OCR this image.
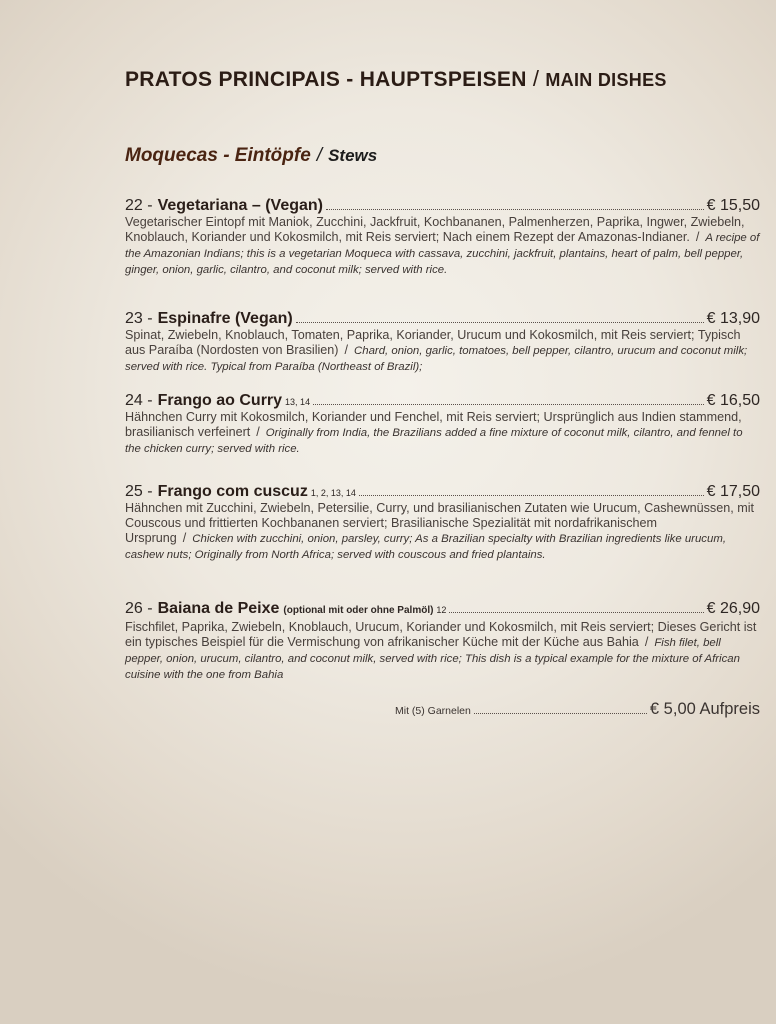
PRATOS PRINCIPAIS - HAUPTSPEISEN / MAIN DISHES
Moquecas - Eintöpfe / Stews
22 - Vegetariana – (Vegan)	€ 15,50
Vegetarischer Eintopf mit Maniok, Zucchini, Jackfruit, Kochbananen, Palmenherzen, Paprika, Ingwer, Zwiebeln, Knoblauch, Koriander und Kokosmilch, mit Reis serviert; Nach einem Rezept der Amazonas-Indianer. / A recipe of the Amazonian Indians; this is a vegetarian Moqueca with cassava, zucchini, jackfruit, plantains, heart of palm, bell pepper, ginger, onion, garlic, cilantro, and coconut milk; served with rice.
23 - Espinafre (Vegan)	€ 13,90
Spinat, Zwiebeln, Knoblauch, Tomaten, Paprika, Koriander, Urucum und Kokosmilch, mit Reis serviert; Typisch aus Paraíba (Nordosten von Brasilien) / Chard, onion, garlic, tomatoes, bell pepper, cilantro, urucum and coconut milk; served with rice. Typical from Paraíba (Northeast of Brazil);
24 - Frango ao Curry 13, 14	€ 16,50
Hähnchen Curry mit Kokosmilch, Koriander und Fenchel, mit Reis serviert; Ursprünglich aus Indien stammend, brasilianisch verfeinert / Originally from India, the Brazilians added a fine mixture of coconut milk, cilantro, and fennel to the chicken curry; served with rice.
25 - Frango com cuscuz 1, 2, 13, 14	€ 17,50
Hähnchen mit Zucchini, Zwiebeln, Petersilie, Curry, und brasilianischen Zutaten wie Urucum, Cashewnüssen, mit Couscous und frittierten Kochbananen serviert; Brasilianische Spezialität mit nordafrikanischem Ursprung / Chicken with zucchini, onion, parsley, curry; As a Brazilian specialty with Brazilian ingredients like urucum, cashew nuts; Originally from North Africa; served with couscous and fried plantains.
26 - Baiana de Peixe (optional mit oder ohne Palmöl) 12	€ 26,90
Fischfilet, Paprika, Zwiebeln, Knoblauch, Urucum, Koriander und Kokosmilch, mit Reis serviert; Dieses Gericht ist ein typisches Beispiel für die Vermischung von afrikanischer Küche mit der Küche aus Bahia / Fish filet, bell pepper, onion, urucum, cilantro, and coconut milk, served with rice; This dish is a typical example for the mixture of African cuisine with the one from Bahia
Mit (5) Garnelen	€ 5,00 Aufpreis
